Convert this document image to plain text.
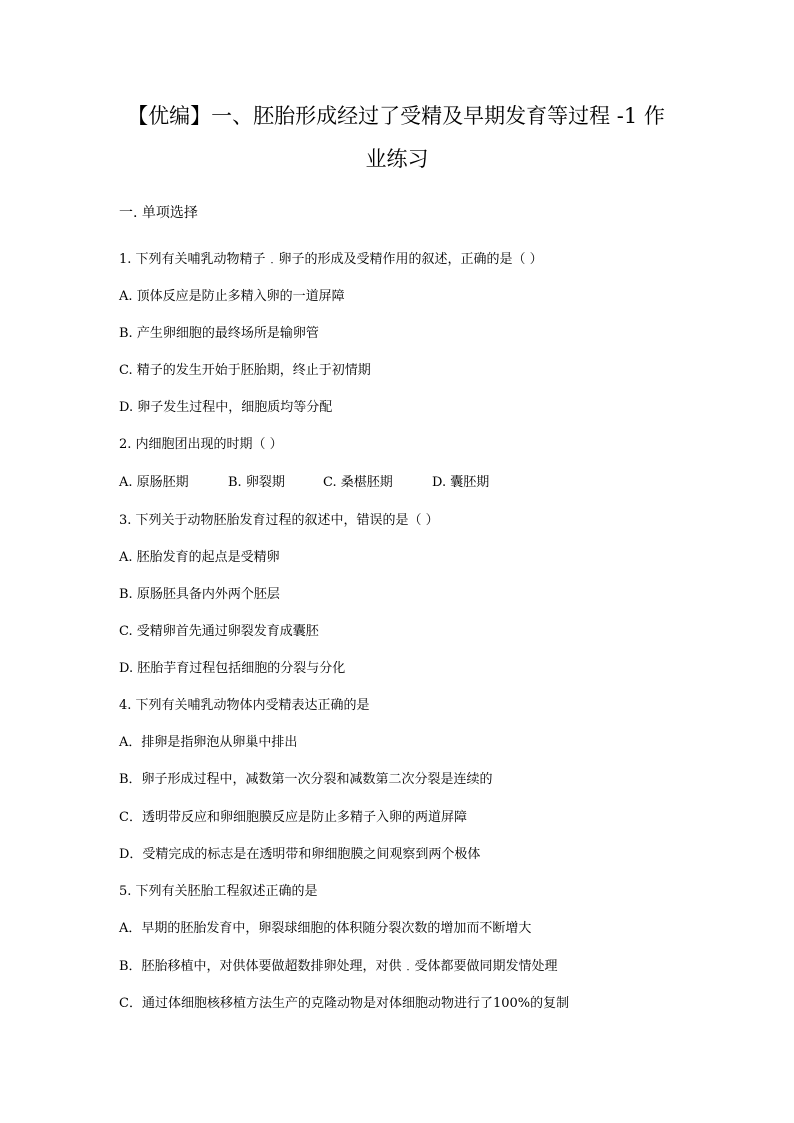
【优编】一、胚胎形成经过了受精及早期发育等过程 -1 作
业练习
一. 单项选择
1. 下列有关哺乳动物精子﹒卵子的形成及受精作用的叙述，正确的是（ ）
A. 顶体反应是防止多精入卵的一道屏障
B. 产生卵细胞的最终场所是输卵管
C. 精子的发生开始于胚胎期，终止于初情期
D. 卵子发生过程中，细胞质均等分配
2. 内细胞团出现的时期（ ）
A. 原肠胚期	B. 卵裂期	C. 桑椹胚期	D. 囊胚期
3. 下列关于动物胚胎发育过程的叙述中，错误的是（ ）
A. 胚胎发育的起点是受精卵
B. 原肠胚具备内外两个胚层
C. 受精卵首先通过卵裂发育成囊胚
D. 胚胎芋育过程包括细胞的分裂与分化
4. 下列有关哺乳动物体内受精表达正确的是
A．排卵是指卵泡从卵巢中排出
B．卵子形成过程中，减数第一次分裂和减数第二次分裂是连续的
C．透明带反应和卵细胞膜反应是防止多精子入卵的两道屏障
D．受精完成的标志是在透明带和卵细胞膜之间观察到两个极体
5. 下列有关胚胎工程叙述正确的是
A．早期的胚胎发育中，卵裂球细胞的体积随分裂次数的增加而不断增大
B．胚胎移植中，对供体要做超数排卵处理，对供﹒受体都要做同期发情处理
C．通过体细胞核移植方法生产的克隆动物是对体细胞动物进行了100%的复制
